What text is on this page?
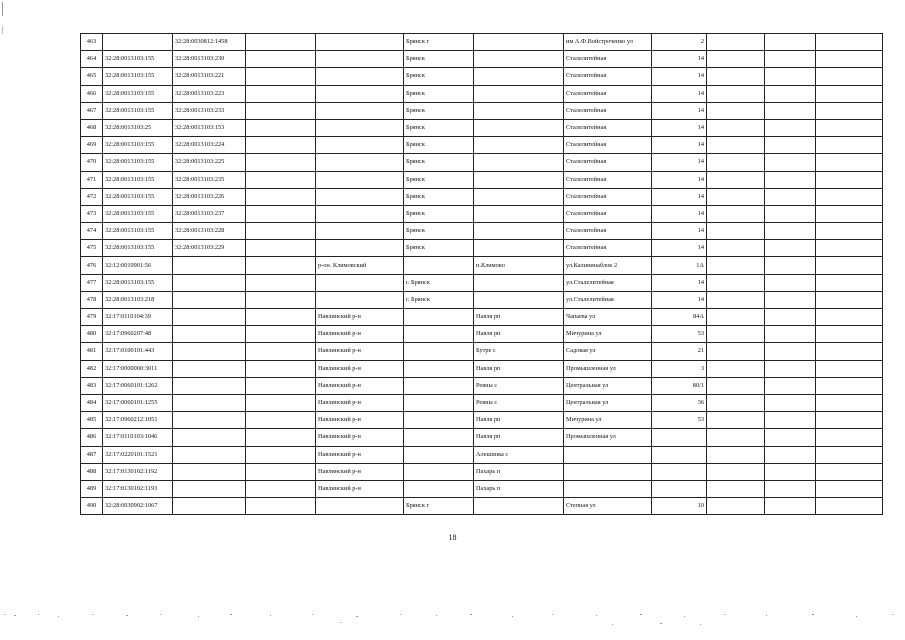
463		32:28:0030812:1458			Брянск г		им А.Ф.Войстроченко ул	2			
464	32:28:0013103:155	32:28:0013103:230			Брянск		Сталелитейная	14			
465	32:28:0013103:155	32:28:0013103:221			Брянск		Сталелитейная	14			
466	32:28:0013103:155	32:28:0013103:223			Брянск		Сталелитейная	14			
467	32:28:0013103:155	32:28:0013103:233			Брянск		Сталелитейная	14			
468	32:28:0013103:25	32:28:0013103:153			Брянск		Сталелитейная	14			
469	32:28:0013103:155	32:28:0013103:224			Брянск		Сталелитейная	14			
470	32:28:0013103:155	32:28:0013103:225			Брянск		Сталелитейная	14			
471	32:28:0013103:155	32:28:0013103:235			Брянск		Сталелитейная	14			
472	32:28:0013103:155	32:28:0013103:226			Брянск		Сталелитейная	14			
473	32:28:0013103:155	32:28:0013103:237			Брянск		Сталелитейная	14			
474	32:28:0013103:155	32:28:0013103:228			Брянск		Сталелитейная	14			
475	32:28:0013103:155	32:28:0013103:229			Брянск		Сталелитейная	14			
476	32:12:0010901:56			р-он. Климовский		п.Климово	ул.Калининаблок 2	1А			
477	32:28:0013103:155				г. Брянск		ул.Сталелитейная	14			
478	32:28:0013103:218				г. Брянск		ул.Сталелитейная	14			
479	32:17:0110104:39			Навлинский р-н		Навля рп	Чапаева ул	84А			
480	32:17:0960207:48			Навлинский р-н		Навля рп	Мичурина ул	53			
481	32:17:0100101:443			Навлинский р-н		Бутре с	Садовая ул	21			
482	32:17:0000000:3011			Навлинский р-н		Навля рп	Промышленная ул	3			
483	32:17:0060101:1262			Навлинский р-н		Ревны с	Центральная ул	80/1			
484	32:17:0060101:1255			Навлинский р-н		Ревны с	Центральная ул	36			
485	32:17:0960212:1051			Навлинский р-н		Навля рп	Мичурина ул	53			
486	32:17:0110103:1046			Навлинский р-н		Навля рп	Промышленная ул				
487	32:17:0220101:1521			Навлинский р-н		Алешинка с					
488	32:17:0130102:1192			Навлинский р-н		Пахарь п					
489	32:17:0130102:1193			Навлинский р-н		Пахарь п					
490	32:28:0030902:1067				Брянск г		Степная ул	10			
18
